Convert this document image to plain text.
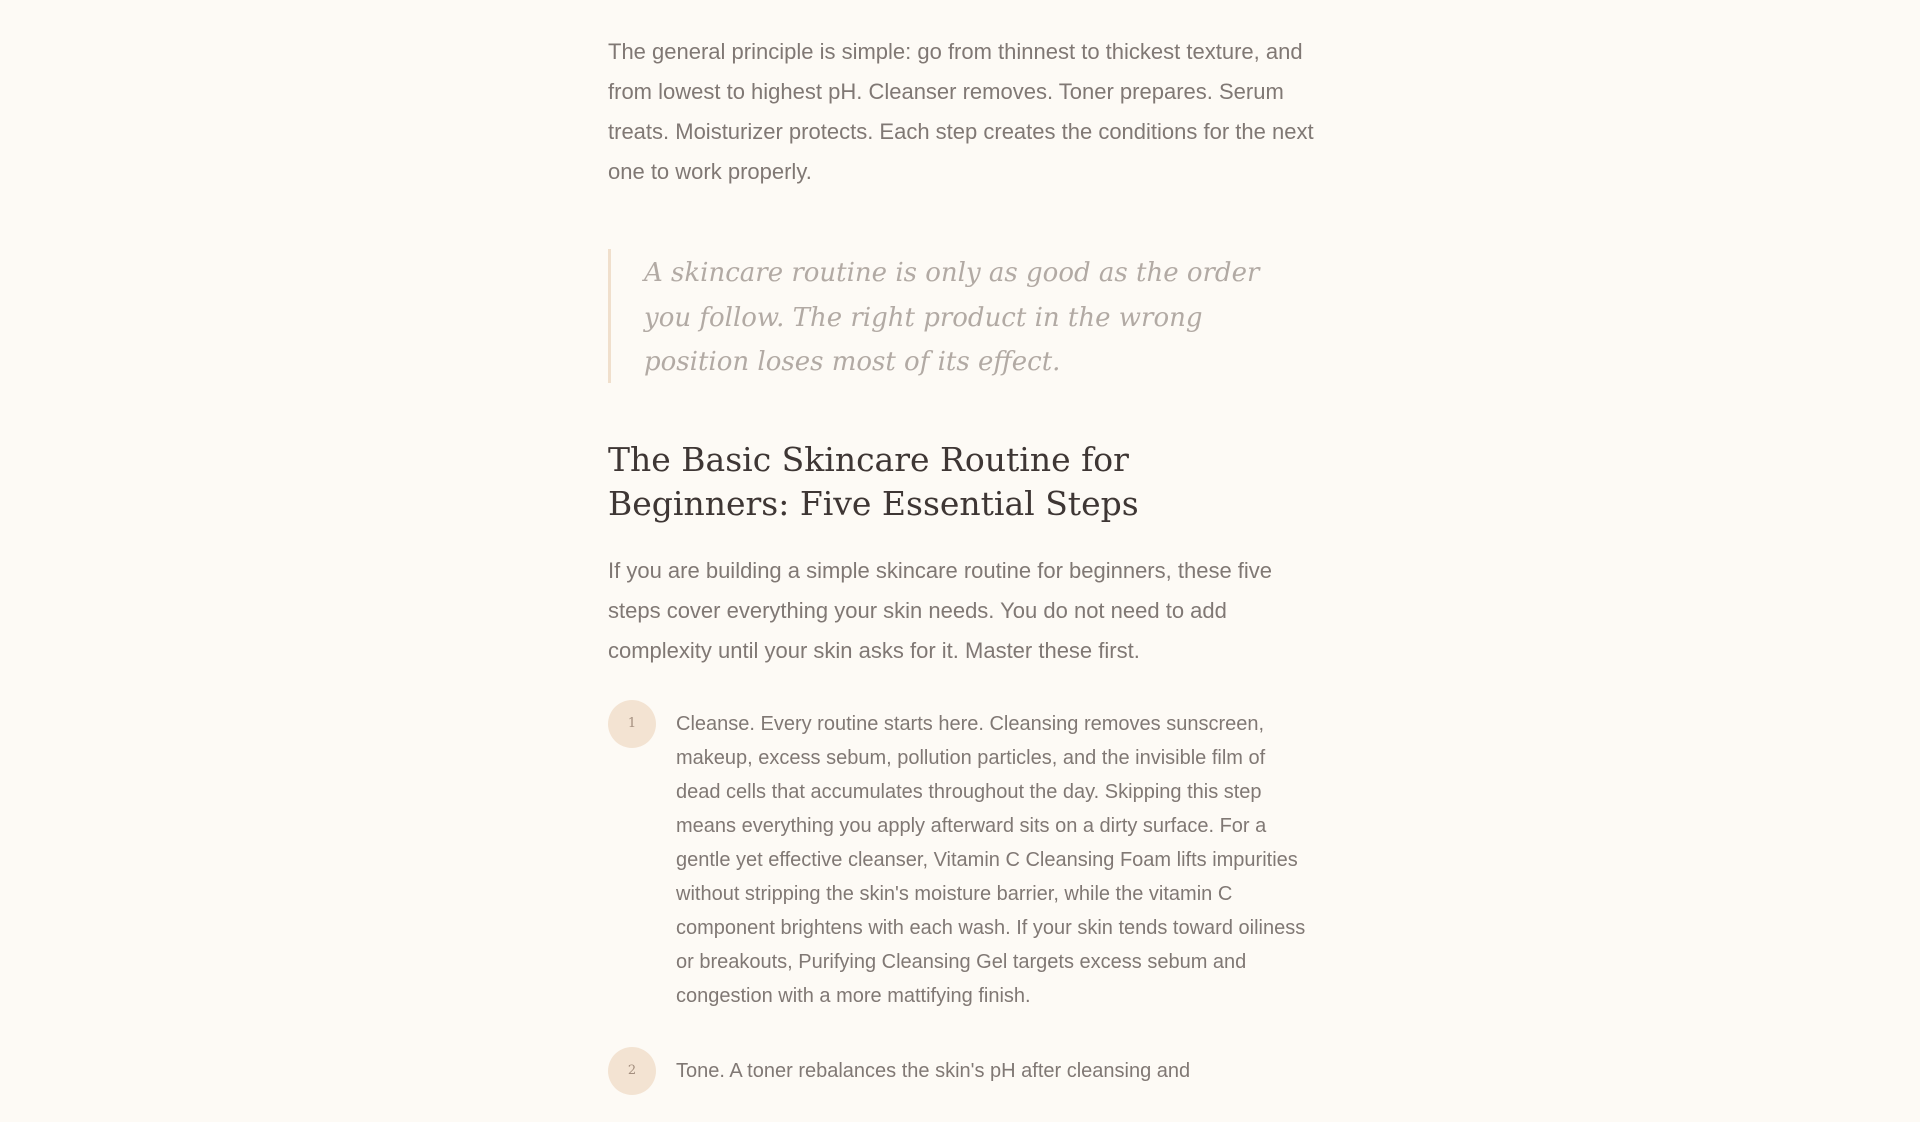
The general principle is simple: go from thinnest to thickest texture, and from lowest to highest pH. Cleanser removes. Toner prepares. Serum treats. Moisturizer protects. Each step creates the conditions for the next one to work properly.

A skincare routine is only as good as the order you follow. The right product in the wrong position loses most of its effect.

The Basic Skincare Routine for Beginners: Five Essential Steps

If you are building a simple skincare routine for beginners, these five steps cover everything your skin needs. You do not need to add complexity until your skin asks for it. Master these first.

1	Cleanse. Every routine starts here. Cleansing removes sunscreen, makeup, excess sebum, pollution particles, and the invisible film of dead cells that accumulates throughout the day. Skipping this step means everything you apply afterward sits on a dirty surface. For a gentle yet effective cleanser, Vitamin C Cleansing Foam lifts impurities without stripping the skin's moisture barrier, while the vitamin C component brightens with each wash. If your skin tends toward oiliness or breakouts, Purifying Cleansing Gel targets excess sebum and congestion with a more mattifying finish.

2	Tone. A toner rebalances the skin's pH after cleansing and
